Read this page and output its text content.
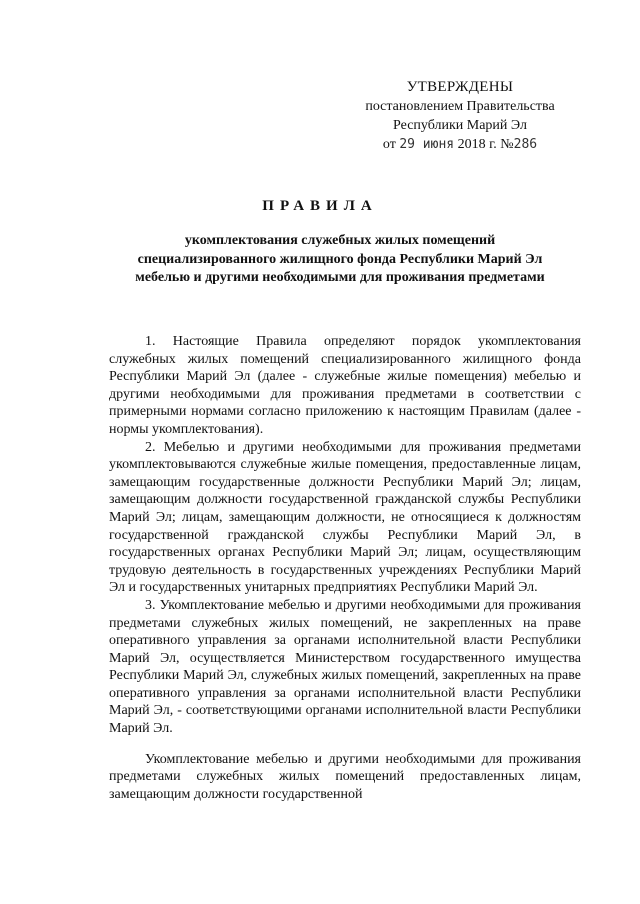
УТВЕРЖДЕНЫ
постановлением Правительства
Республики Марий Эл
от 29 июня 2018 г. №286
ПРАВИЛА
укомплектования служебных жилых помещений
специализированного жилищного фонда Республики Марий Эл
мебелью и другими необходимыми для проживания предметами

1. Настоящие Правила определяют порядок укомплектования служебных жилых помещений специализированного жилищного фонда Республики Марий Эл (далее - служебные жилые помещения) мебелью и другими необходимыми для проживания предметами в соответствии с примерными нормами согласно приложению к настоящим Правилам (далее - нормы укомплектования).

2. Мебелью и другими необходимыми для проживания предметами укомплектовываются служебные жилые помещения, предоставленные лицам, замещающим государственные должности Республики Марий Эл; лицам, замещающим должности государственной гражданской службы Республики Марий Эл; лицам, замещающим должности, не относящиеся к должностям государственной гражданской службы Республики Марий Эл, в государственных органах Республики Марий Эл; лицам, осуществляющим трудовую деятельность в государственных учреждениях Республики Марий Эл и государственных унитарных предприятиях Республики Марий Эл.

3. Укомплектование мебелью и другими необходимыми для проживания предметами служебных жилых помещений, не закрепленных на праве оперативного управления за органами исполнительной власти Республики Марий Эл, осуществляется Министерством государственного имущества Республики Марий Эл, служебных жилых помещений, закрепленных на праве оперативного управления за органами исполнительной власти Республики Марий Эл, - соответствующими органами исполнительной власти Республики Марий Эл.

Укомплектование мебелью и другими необходимыми для проживания предметами служебных жилых помещений предоставленных лицам, замещающим должности государственной
